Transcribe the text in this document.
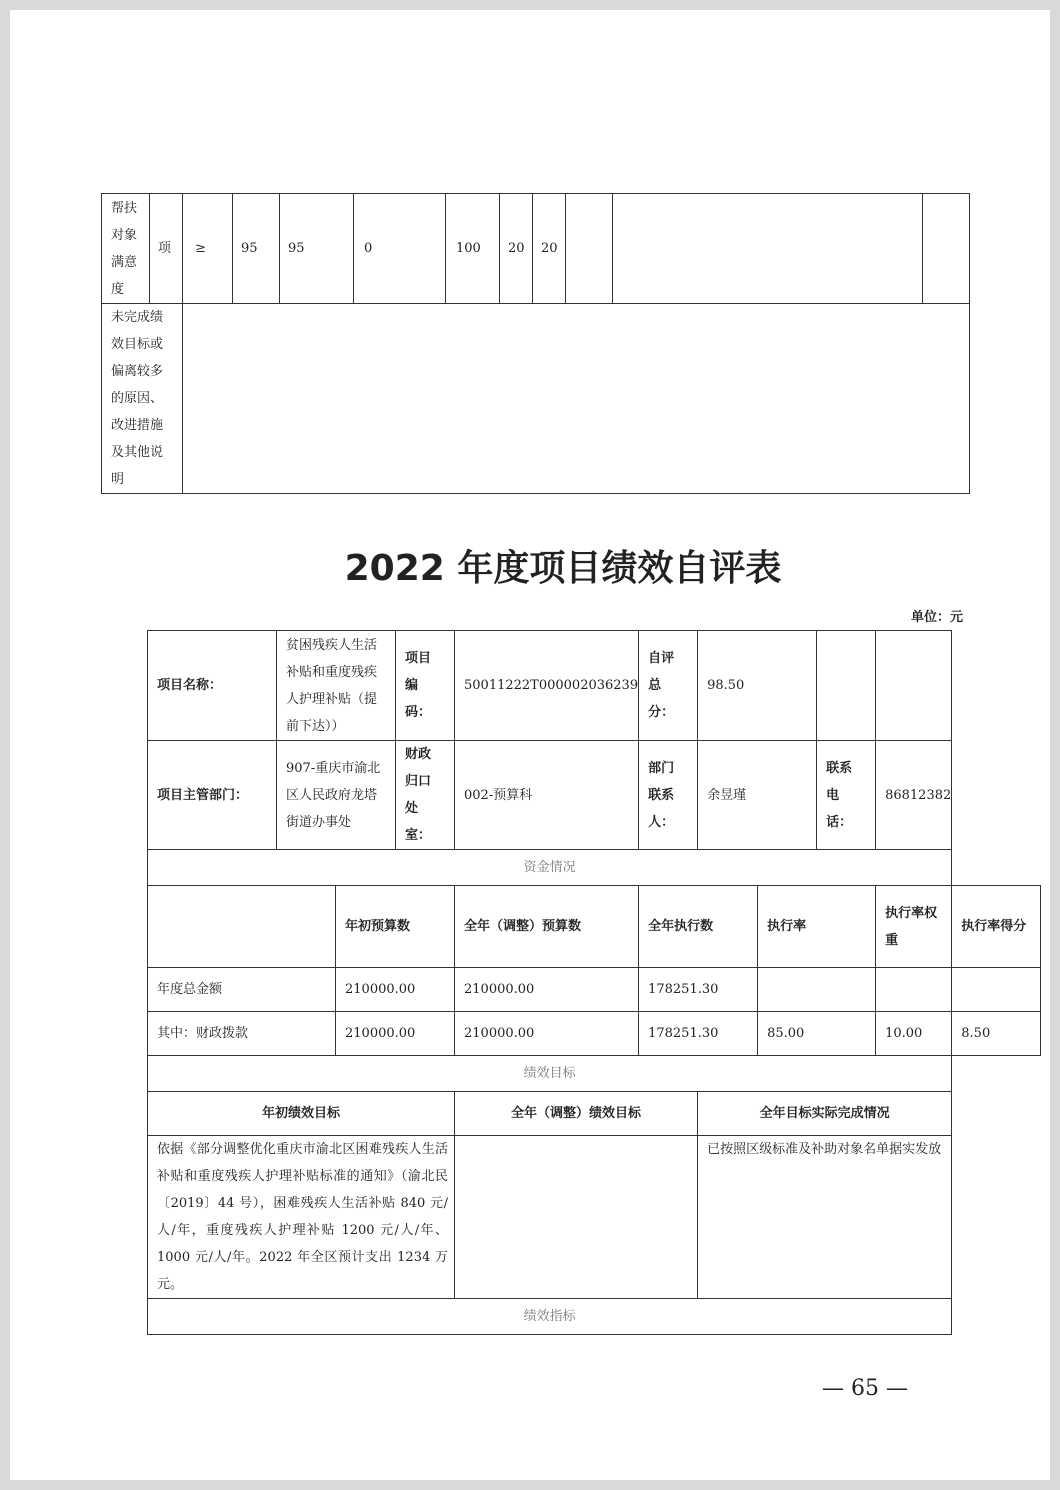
帮扶对象满意度	项	≥	95	95	0	100	20	20			
未完成绩效目标或偏离较多的原因、改进措施及其他说明											
2022 年度项目绩效自评表
单位：元
项目名称：	贫困残疾人生活补贴和重度残疾人护理补贴（提前下达））		项目编码：	50011222T000002036239	自评总分：	98.50				
项目主管部门：	907-重庆市渝北区人民政府龙塔街道办事处		财政归口处室：	002-预算科	部门联系人：	余昱瑾		联系电话：	86812382	
资金情况										
		年初预算数		全年（调整）预算数	全年执行数		执行率		执行率权重	执行率得分
年度总金额		210000.00		210000.00	178251.30					
其中：财政拨款		210000.00		210000.00	178251.30		85.00		10.00	8.50
绩效目标										
年初绩效目标				全年（调整）绩效目标		全年目标实际完成情况				
依据《部分调整优化重庆市渝北区困难残疾人生活补贴和重度残疾人护理补贴标准的通知》（渝北民〔2019〕44 号），困难残疾人生活补贴 840 元/人/年，重度残疾人护理补贴 1200 元/人/年、1000 元/人/年。2022 年全区预计支出 1234 万元。						已按照区级标准及补助对象名单据实发放				
绩效指标										
— 65 —
